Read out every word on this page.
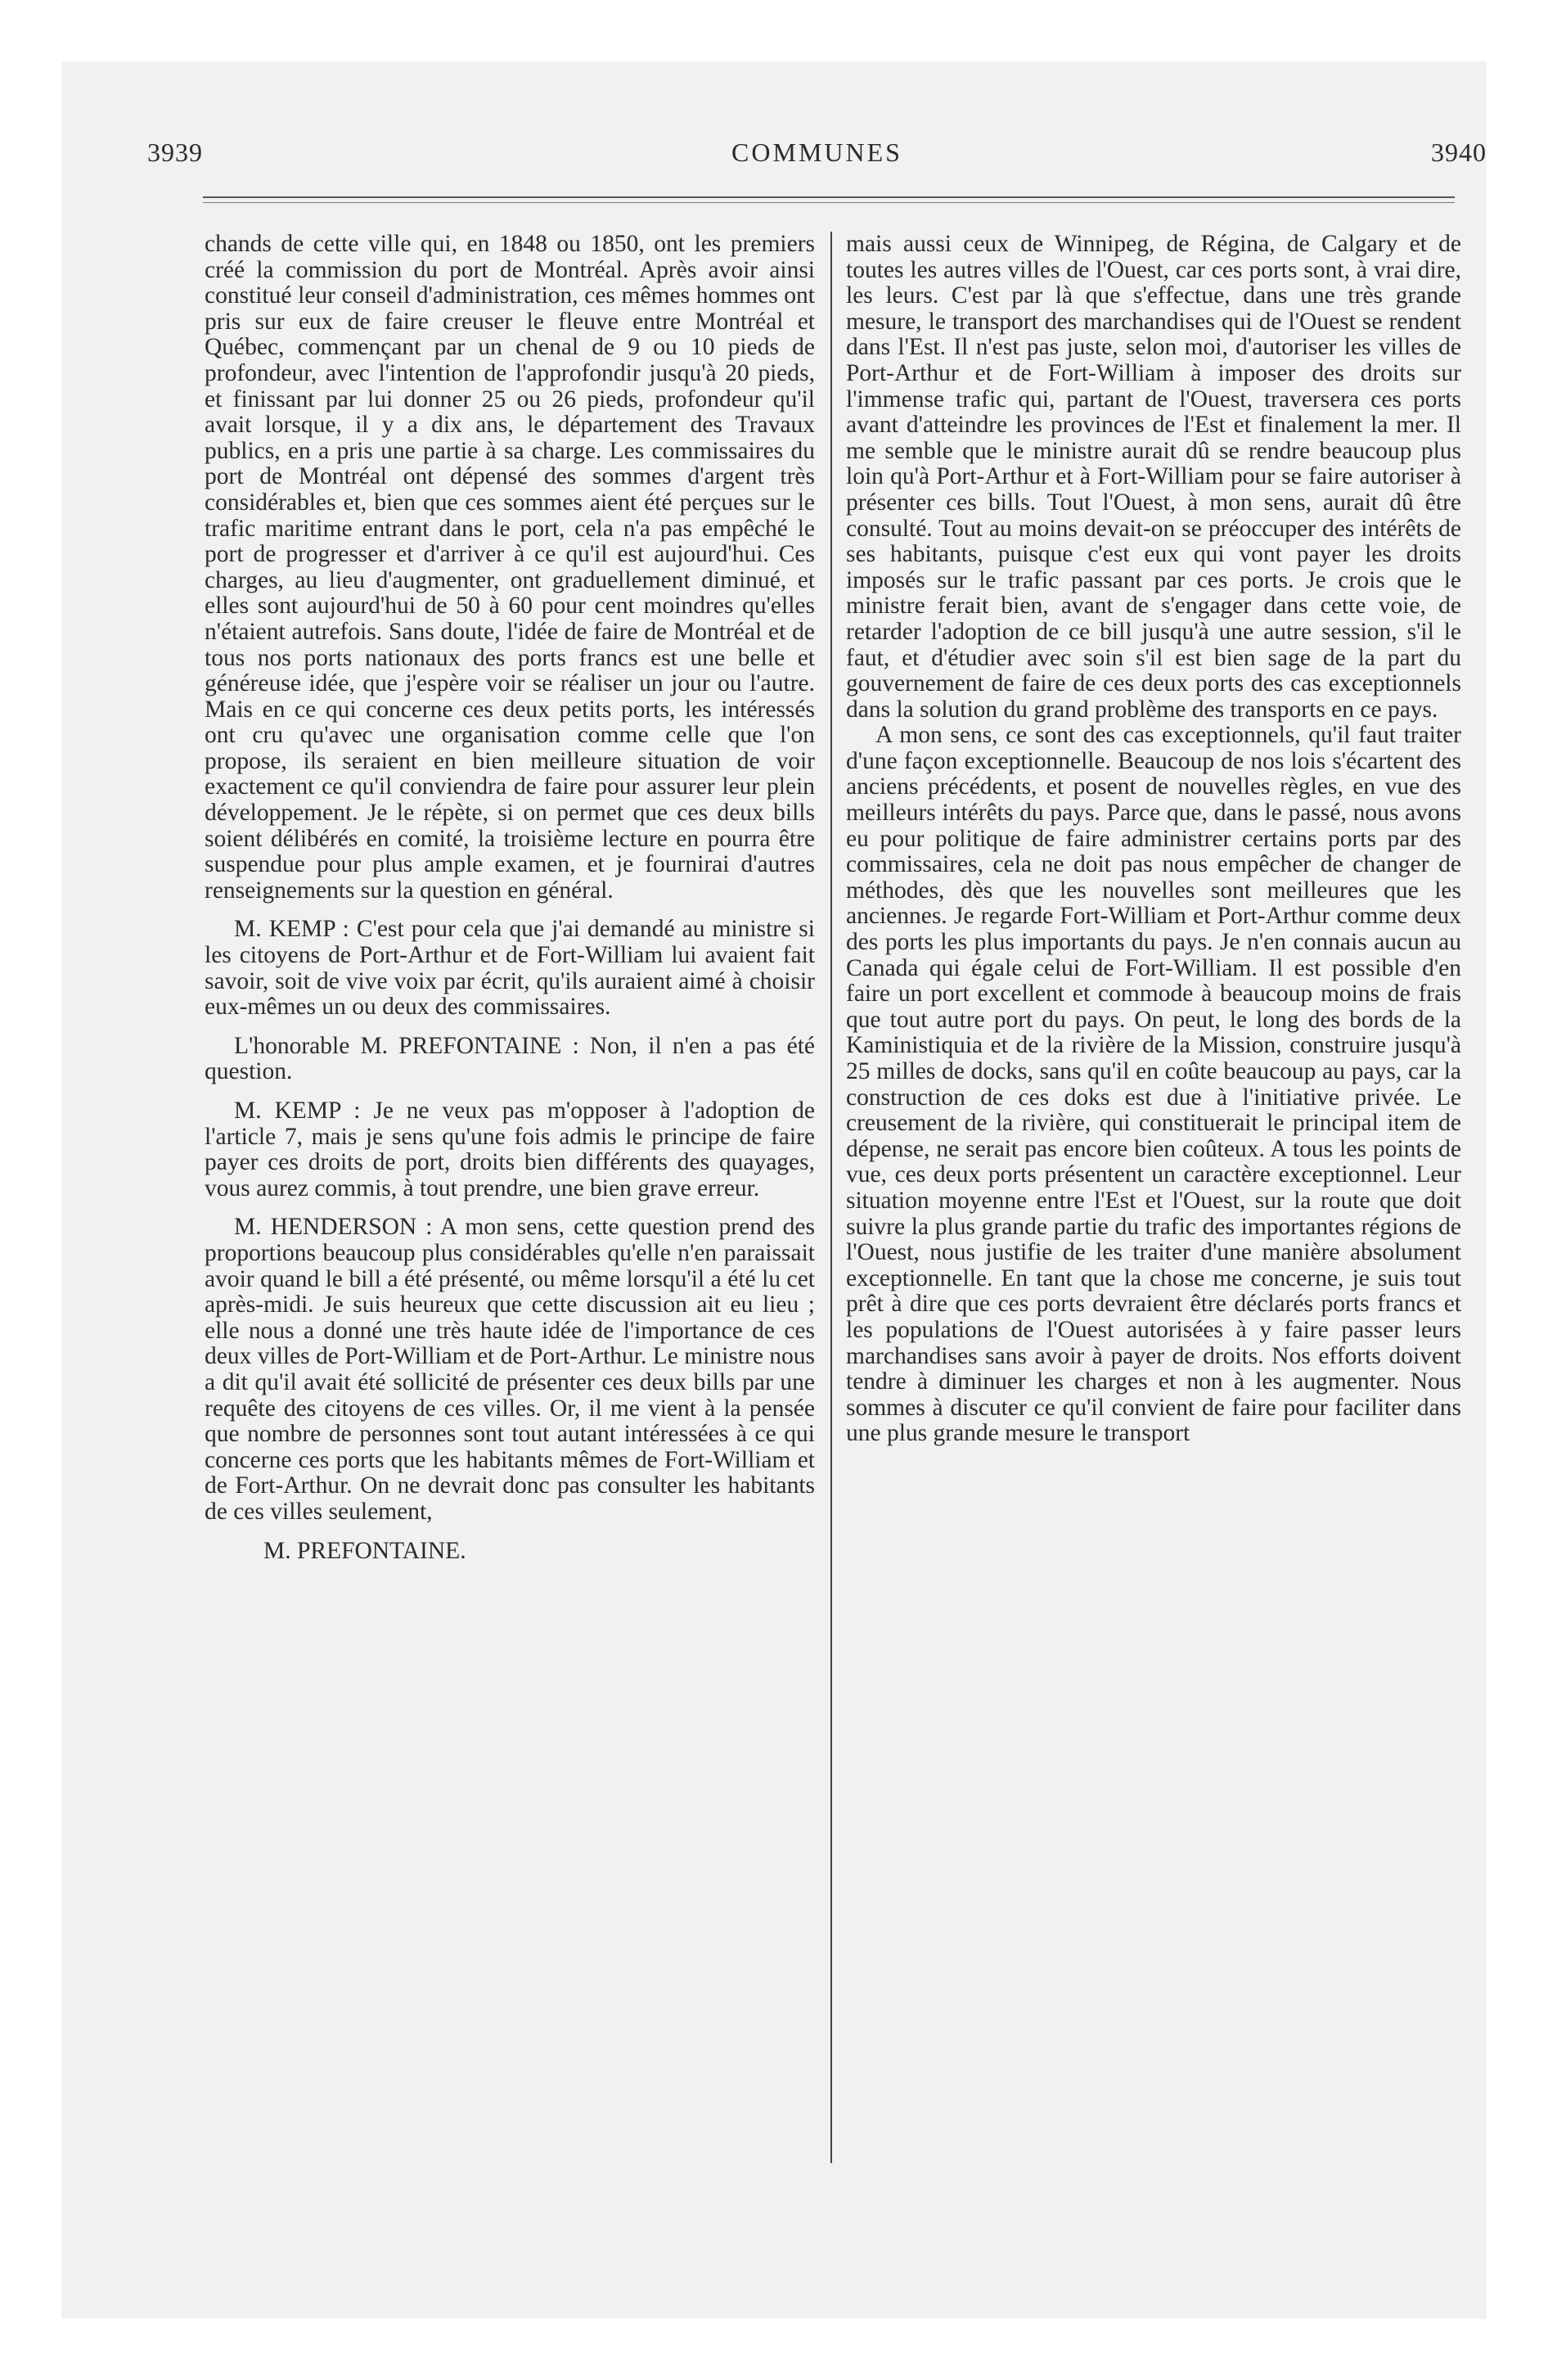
3939	COMMUNES	3940

chands de cette ville qui, en 1848 ou 1850, ont les premiers créé la commission du port de Montréal. Après avoir ainsi constitué leur conseil d'administration, ces mêmes hommes ont pris sur eux de faire creuser le fleuve entre Montréal et Québec, commençant par un chenal de 9 ou 10 pieds de profondeur, avec l'intention de l'approfondir jusqu'à 20 pieds, et finissant par lui donner 25 ou 26 pieds, profondeur qu'il avait lorsque, il y a dix ans, le département des Travaux publics, en a pris une partie à sa charge. Les commissaires du port de Montréal ont dépensé des sommes d'argent très considérables et, bien que ces sommes aient été perçues sur le trafic maritime entrant dans le port, cela n'a pas empêché le port de progresser et d'arriver à ce qu'il est aujourd'hui. Ces charges, au lieu d'augmenter, ont graduellement diminué, et elles sont aujourd'hui de 50 à 60 pour cent moindres qu'elles n'étaient autrefois. Sans doute, l'idée de faire de Montréal et de tous nos ports nationaux des ports francs est une belle et généreuse idée, que j'espère voir se réaliser un jour ou l'autre. Mais en ce qui concerne ces deux petits ports, les intéressés ont cru qu'avec une organisation comme celle que l'on propose, ils seraient en bien meilleure situation de voir exactement ce qu'il conviendra de faire pour assurer leur plein développement. Je le répète, si on permet que ces deux bills soient délibérés en comité, la troisième lecture en pourra être suspendue pour plus ample examen, et je fournirai d'autres renseignements sur la question en général.

M. KEMP : C'est pour cela que j'ai demandé au ministre si les citoyens de Port-Arthur et de Fort-William lui avaient fait savoir, soit de vive voix par écrit, qu'ils auraient aimé à choisir eux-mêmes un ou deux des commissaires.

L'honorable M. PREFONTAINE : Non, il n'en a pas été question.

M. KEMP : Je ne veux pas m'opposer à l'adoption de l'article 7, mais je sens qu'une fois admis le principe de faire payer ces droits de port, droits bien différents des quayages, vous aurez commis, à tout prendre, une bien grave erreur.

M. HENDERSON : A mon sens, cette question prend des proportions beaucoup plus considérables qu'elle n'en paraissait avoir quand le bill a été présenté, ou même lorsqu'il a été lu cet après-midi. Je suis heureux que cette discussion ait eu lieu ; elle nous a donné une très haute idée de l'importance de ces deux villes de Port-William et de Port-Arthur. Le ministre nous a dit qu'il avait été sollicité de présenter ces deux bills par une requête des citoyens de ces villes. Or, il me vient à la pensée que nombre de personnes sont tout autant intéressées à ce qui concerne ces ports que les habitants mêmes de Fort-William et de Fort-Arthur. On ne devrait donc pas consulter les habitants de ces villes seulement,

M. PREFONTAINE.

mais aussi ceux de Winnipeg, de Régina, de Calgary et de toutes les autres villes de l'Ouest, car ces ports sont, à vrai dire, les leurs. C'est par là que s'effectue, dans une très grande mesure, le transport des marchandises qui de l'Ouest se rendent dans l'Est. Il n'est pas juste, selon moi, d'autoriser les villes de Port-Arthur et de Fort-William à imposer des droits sur l'immense trafic qui, partant de l'Ouest, traversera ces ports avant d'atteindre les provinces de l'Est et finalement la mer. Il me semble que le ministre aurait dû se rendre beaucoup plus loin qu'à Port-Arthur et à Fort-William pour se faire autoriser à présenter ces bills. Tout l'Ouest, à mon sens, aurait dû être consulté. Tout au moins devait-on se préoccuper des intérêts de ses habitants, puisque c'est eux qui vont payer les droits imposés sur le trafic passant par ces ports. Je crois que le ministre ferait bien, avant de s'engager dans cette voie, de retarder l'adoption de ce bill jusqu'à une autre session, s'il le faut, et d'étudier avec soin s'il est bien sage de la part du gouvernement de faire de ces deux ports des cas exceptionnels dans la solution du grand problème des transports en ce pays.

A mon sens, ce sont des cas exceptionnels, qu'il faut traiter d'une façon exceptionnelle. Beaucoup de nos lois s'écartent des anciens précédents, et posent de nouvelles règles, en vue des meilleurs intérêts du pays. Parce que, dans le passé, nous avons eu pour politique de faire administrer certains ports par des commissaires, cela ne doit pas nous empêcher de changer de méthodes, dès que les nouvelles sont meilleures que les anciennes. Je regarde Fort-William et Port-Arthur comme deux des ports les plus importants du pays. Je n'en connais aucun au Canada qui égale celui de Fort-William. Il est possible d'en faire un port excellent et commode à beaucoup moins de frais que tout autre port du pays. On peut, le long des bords de la Kaministiquia et de la rivière de la Mission, construire jusqu'à 25 milles de docks, sans qu'il en coûte beaucoup au pays, car la construction de ces doks est due à l'initiative privée. Le creusement de la rivière, qui constituerait le principal item de dépense, ne serait pas encore bien coûteux. A tous les points de vue, ces deux ports présentent un caractère exceptionnel. Leur situation moyenne entre l'Est et l'Ouest, sur la route que doit suivre la plus grande partie du trafic des importantes régions de l'Ouest, nous justifie de les traiter d'une manière absolument exceptionnelle. En tant que la chose me concerne, je suis tout prêt à dire que ces ports devraient être déclarés ports francs et les populations de l'Ouest autorisées à y faire passer leurs marchandises sans avoir à payer de droits. Nos efforts doivent tendre à diminuer les charges et non à les augmenter. Nous sommes à discuter ce qu'il convient de faire pour faciliter dans une plus grande mesure le transport
